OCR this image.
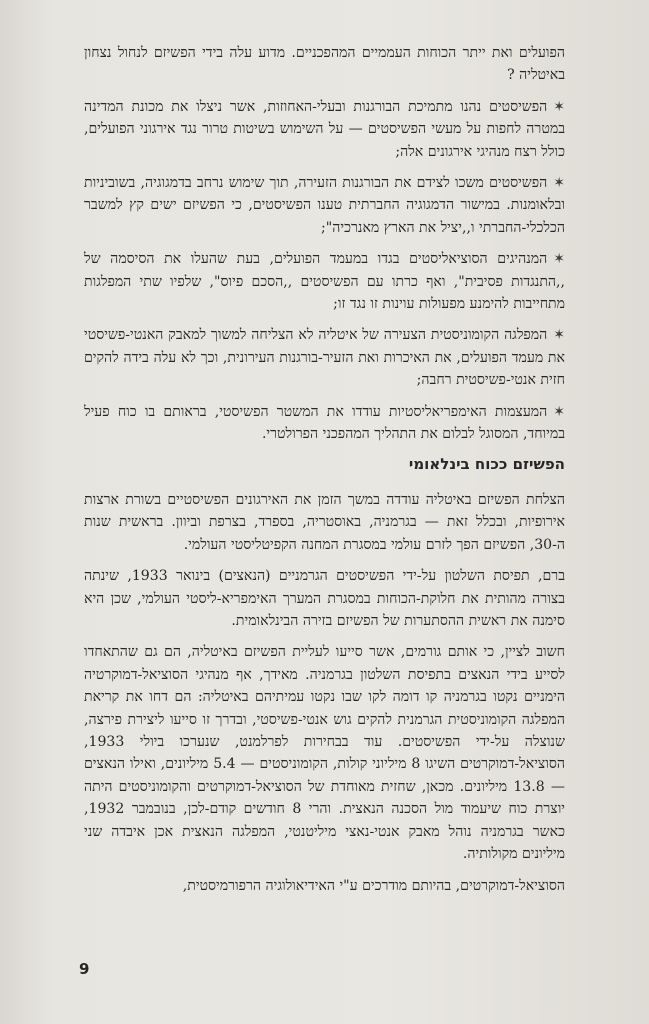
הפועלים ואת ייתר הכוחות העממיים המהפכניים. מדוע עלה בידי הפשיזם לנחול נצחון באיטליה ?

✶הפשיסטים נהנו מתמיכת הבורגנות ובעלי-האחוזות, אשר ניצלו את מכונת המדינה במטרה לחפות על מעשי הפשיסטים — על השימוש בשיטות טרור נגד אירגוני הפועלים, כולל רצח מנהיגי אירגונים אלה;

✶הפשיסטים משכו לצידם את הבורגנות הזעירה, תוך שימוש נרחב בדמגוגיה, בשוביניות ובלאומנות. במישור הדמגוגיה החברתית טענו הפשיסטים, כי הפשיזם ישים קץ למשבר הכלכלי-החברתי ו,,יציל את הארץ מאנרכיה";

✶המנהיגים הסוציאליסטים בגדו במעמד הפועלים, בעת שהעלו את הסיסמה של ,,התנגדות פסיבית", ואף כרתו עם הפשיסטים ,,הסכם פיוס", שלפיו שתי המפלגות מתחייבות להימנע מפעולות עוינות זו נגד זו;

✶המפלגה הקומוניסטית הצעירה של איטליה לא הצליחה למשוך למאבק האנטי-פשיסטי את מעמד הפועלים, את האיכרות ואת הזעיר-בורגנות העירונית, וכך לא עלה בידה להקים חזית אנטי-פשיסטית רחבה;

✶המעצמות האימפריאליסטיות עודדו את המשטר הפשיסטי, בראותם בו כוח פעיל במיוחד, המסוגל לבלום את התהליך המהפכני הפרולטרי.

הפשיזם ככוח בינלאומי

הצלחת הפשיזם באיטליה עודדה במשך הזמן את האירגונים הפשיסטיים בשורת ארצות אירופיות, ובכלל זאת — בגרמניה, באוסטריה, בספרד, בצרפת וביוון. בראשית שנות ה-30, הפשיזם הפך לזרם עולמי במסגרת המחנה הקפיטליסטי העולמי.

ברם, תפיסת השלטון על-ידי הפשיסטים הגרמניים (הנאצים) בינואר 1933, שינתה בצורה מהותית את חלוקת-הכוחות במסגרת המערך האימפריא-ליסטי העולמי, שכן היא סימנה את ראשית ההסתערות של הפשיזם בזירה הבינלאומית.

חשוב לציין, כי אותם גורמים, אשר סייעו לעליית הפשיזם באיטליה, הם גם שהתאחדו לסייע בידי הנאצים בתפיסת השלטון בגרמניה. מאידך, אף מנהיגי הסוציאל-דמוקרטיה הימניים נקטו בגרמניה קו דומה לקו שבו נקטו עמיתיהם באיטליה: הם דחו את קריאת המפלגה הקומוניסטית הגרמנית להקים גוש אנטי-פשיסטי, ובדרך זו סייעו ליצירת פירצה, שנוצלה על-ידי הפשיסטים. עוד בבחירות לפרלמנט, שנערכו ביולי 1933, הסוציאל-דמוקרטים השיגו 8 מיליוני קולות, הקומוניסטים — 5.4 מיליונים, ואילו הנאצים — 13.8 מיליונים. מכאן, שחזית מאוחדת של הסוציאל-דמוקרטים והקומוניסטים היתה יוצרת כוח שיעמוד מול הסכנה הנאצית. והרי 8 חודשים קודם-לכן, בנובמבר 1932, כאשר בגרמניה נוהל מאבק אנטי-נאצי מיליטנטי, המפלגה הנאצית אכן איבדה שני מיליונים מקולותיה.

הסוציאל-דמוקרטים, בהיותם מודרכים ע"י האידיאולוגיה הרפורמיסטית,

9
